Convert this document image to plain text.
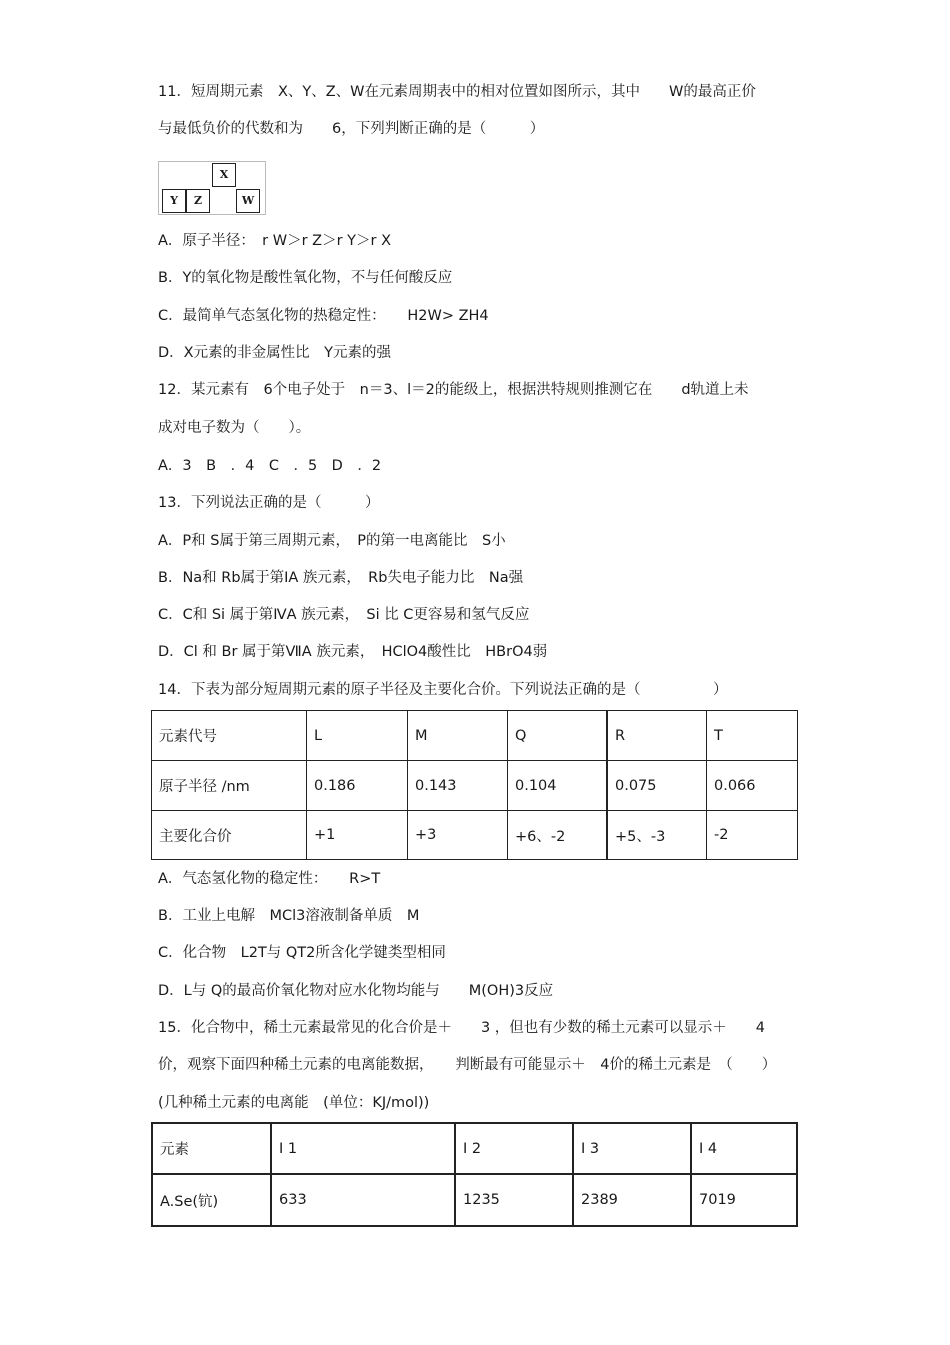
11．短周期元素　X、Y、Z、W在元素周期表中的相对位置如图所示，其中　　W的最高正价
与最低负价的代数和为　　6，下列判断正确的是（　　　）
X
Y	Z	W
A．原子半径：　r W＞r Z＞r Y＞r X
B．Y的氧化物是酸性氧化物，不与任何酸反应
C．最简单气态氢化物的热稳定性：　　H2W> ZH4
D．X元素的非金属性比　Y元素的强
12．某元素有　6个电子处于　n＝3、l＝2的能级上，根据洪特规则推测它在　　d轨道上未
成对电子数为（　　）。
A．3　B　．4　C　．5　D　．2
13．下列说法正确的是（　　　）
A．P和 S属于第三周期元素，　P的第一电离能比　S小
B．Na和 Rb属于第ⅠA 族元素，　Rb失电子能力比　Na强
C．C和 Si 属于第ⅣA 族元素，　Si 比 C更容易和氢气反应
D．Cl 和 Br 属于第ⅦA 族元素，　HClO4酸性比　HBrO4弱
14．下表为部分短周期元素的原子半径及主要化合价。下列说法正确的是（　　　　　）
元素代号	L	M	Q	R	T
原子半径 /nm	0.186	0.143	0.104	0.075	0.066
主要化合价	+1	+3	+6、-2	+5、-3	-2
A．气态氢化物的稳定性：　　R>T
B．工业上电解　MCl3溶液制备单质　M
C．化合物　L2T与 QT2所含化学键类型相同
D．L与 Q的最高价氧化物对应水化物均能与　　M(OH)3反应
15．化合物中，稀土元素最常见的化合价是＋　　3 ，但也有少数的稀土元素可以显示＋　　4
价，观察下面四种稀土元素的电离能数据，　　判断最有可能显示＋　4价的稀土元素是　（　　）
(几种稀土元素的电离能　(单位：KJ/mol))
元素	I 1	I 2	I 3	I 4
A.Se(钪)	633	1235	2389	7019
